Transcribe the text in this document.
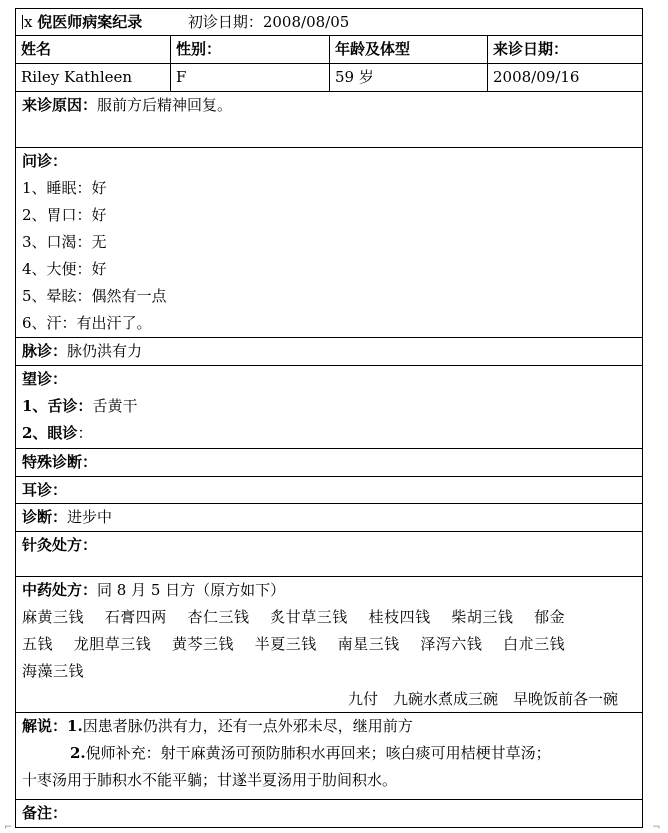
x 倪医师病案纪录	初诊日期：2008/08/05
姓名	性别：	年龄及体型	来诊日期：
Riley Kathleen	F	59 岁	2008/09/16
来诊原因：服前方后精神回复。
问诊：
1、睡眠：好
2、胃口：好
3、口渴：无
4、大便：好
5、晕眩：偶然有一点
6、汗：有出汗了。
脉诊：脉仍洪有力
望诊：
1、舌诊：舌黄干
2、眼诊：
特殊诊断：
耳诊：
诊断：进步中
针灸处方：
中药处方：同 8 月 5 日方（原方如下）
麻黄三钱　 石膏四两　 杏仁三钱　 炙甘草三钱　 桂枝四钱　 柴胡三钱　 郁金
五钱　 龙胆草三钱　 黄芩三钱　 半夏三钱　 南星三钱　 泽泻六钱　 白朮三钱
海藻三钱
九付　九碗水煮成三碗　早晚饭前各一碗
解说：1.因患者脉仍洪有力，还有一点外邪未尽，继用前方
2.倪师补充：射干麻黄汤可预防肺积水再回来；咳白痰可用桔梗甘草汤；
十枣汤用于肺积水不能平躺；甘遂半夏汤用于肋间积水。
备注：
⌐	¬
